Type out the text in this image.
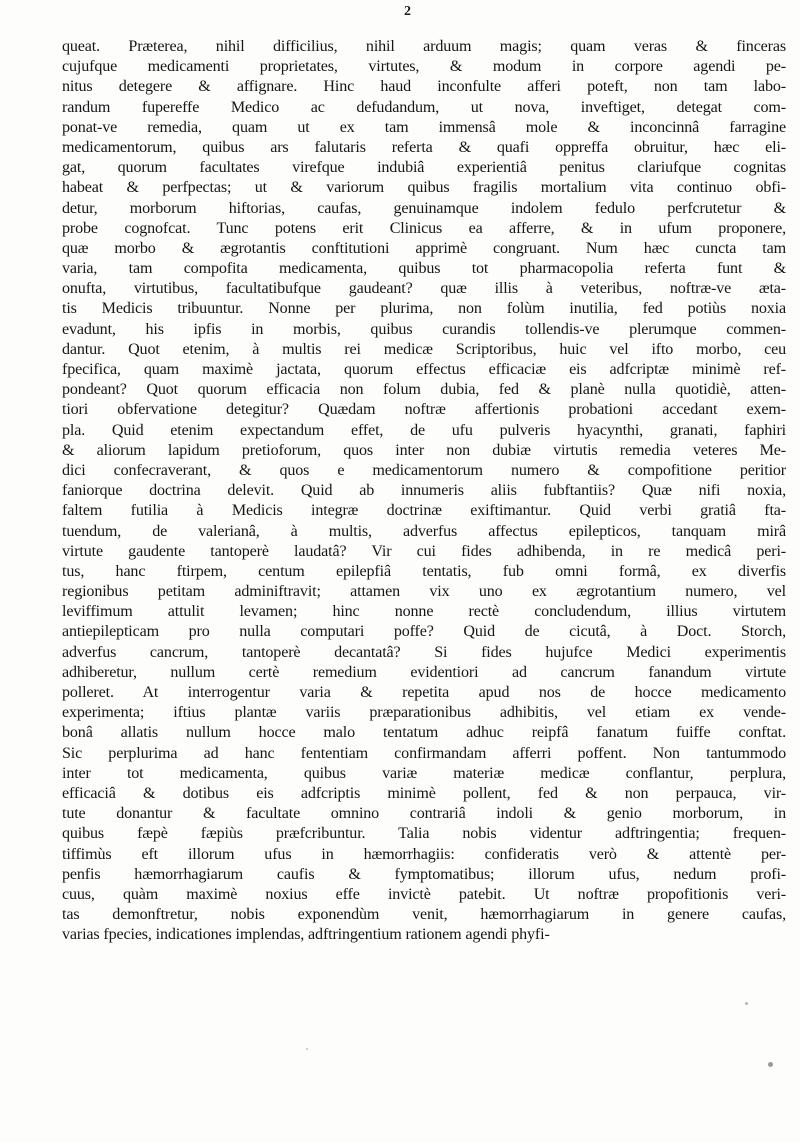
2
queat. Præterea, nihil difficilius, nihil arduum magis; quam veras & finceras
cujufque medicamenti proprietates, virtutes, & modum in corpore agendi pe-
nitus detegere & affignare. Hinc haud inconfulte afferi poteft, non tam labo-
randum fupereffe Medico ac defudandum, ut nova, inveftiget, detegat com-
ponat-ve remedia, quam ut ex tam immensâ mole & inconcinnâ farragine
medicamentorum, quibus ars falutaris referta & quafi oppreffa obruitur, hæc eli-
gat, quorum facultates virefque indubiâ experientiâ penitus clariufque cognitas
habeat & perfpectas; ut & variorum quibus fragilis mortalium vita continuo obfi-
detur, morborum hiftorias, caufas, genuinamque indolem fedulo perfcrutetur &
probe cognofcat. Tunc potens erit Clinicus ea afferre, & in ufum proponere,
quæ morbo & ægrotantis conftitutioni apprimè congruant. Num hæc cuncta tam
varia, tam compofita medicamenta, quibus tot pharmacopolia referta funt &
onufta, virtutibus, facultatibufque gaudeant? quæ illis à veteribus, noftræ-ve æta-
tis Medicis tribuuntur. Nonne per plurima, non folùm inutilia, fed potiùs noxia
evadunt, his ipfis in morbis, quibus curandis tollendis-ve plerumque commen-
dantur. Quot etenim, à multis rei medicæ Scriptoribus, huic vel ifto morbo, ceu
fpecifica, quam maximè jactata, quorum effectus efficaciæ eis adfcriptæ minimè ref-
pondeant? Quot quorum efficacia non folum dubia, fed & planè nulla quotidiè, atten-
tiori obfervatione detegitur? Quædam noftræ affertionis probationi accedant exem-
pla. Quid etenim expectandum effet, de ufu pulveris hyacynthi, granati, faphiri
& aliorum lapidum pretioforum, quos inter non dubiæ virtutis remedia veteres Me-
dici confecraverant, & quos e medicamentorum numero & compofitione peritior
faniorque doctrina delevit. Quid ab innumeris aliis fubftantiis? Quæ nifi noxia,
faltem futilia à Medicis integræ doctrinæ exiftimantur. Quid verbi gratiâ fta-
tuendum, de valerianâ, à multis, adverfus affectus epilepticos, tanquam mirâ
virtute gaudente tantoperè laudatâ? Vir cui fides adhibenda, in re medicâ peri-
tus, hanc ftirpem, centum epilepfiâ tentatis, fub omni formâ, ex diverfis
regionibus petitam adminiftravit; attamen vix uno ex ægrotantium numero, vel
leviffimum attulit levamen; hinc nonne rectè concludendum, illius virtutem
antiepilepticam pro nulla computari poffe? Quid de cicutâ, à Doct. Storch,
adverfus cancrum, tantoperè decantatâ? Si fides hujufce Medici experimentis
adhiberetur, nullum certè remedium evidentiori ad cancrum fanandum virtute
polleret. At interrogentur varia & repetita apud nos de hocce medicamento
experimenta; iftius plantæ variis præparationibus adhibitis, vel etiam ex vende-
bonâ allatis nullum hocce malo tentatum adhuc reipfâ fanatum fuiffe conftat.
Sic perplurima ad hanc fententiam confirmandam afferri poffent. Non tantummodo
inter tot medicamenta, quibus variæ materiæ medicæ conflantur, perplura,
efficaciâ & dotibus eis adfcriptis minimè pollent, fed & non perpauca, vir-
tute donantur & facultate omnino contrariâ indoli & genio morborum, in
quibus fæpè fæpiùs præfcribuntur. Talia nobis videntur adftringentia; frequen-
tiffimùs eft illorum ufus in hæmorrhagiis: confideratis verò & attentè per-
penfis hæmorrhagiarum caufis & fymptomatibus; illorum ufus, nedum profi-
cuus, quàm maximè noxius effe invictè patebit. Ut noftræ propofitionis veri-
tas demonftretur, nobis exponendùm venit, hæmorrhagiarum in genere caufas,
varias fpecies, indicationes implendas, adftringentium rationem agendi phyfi-
